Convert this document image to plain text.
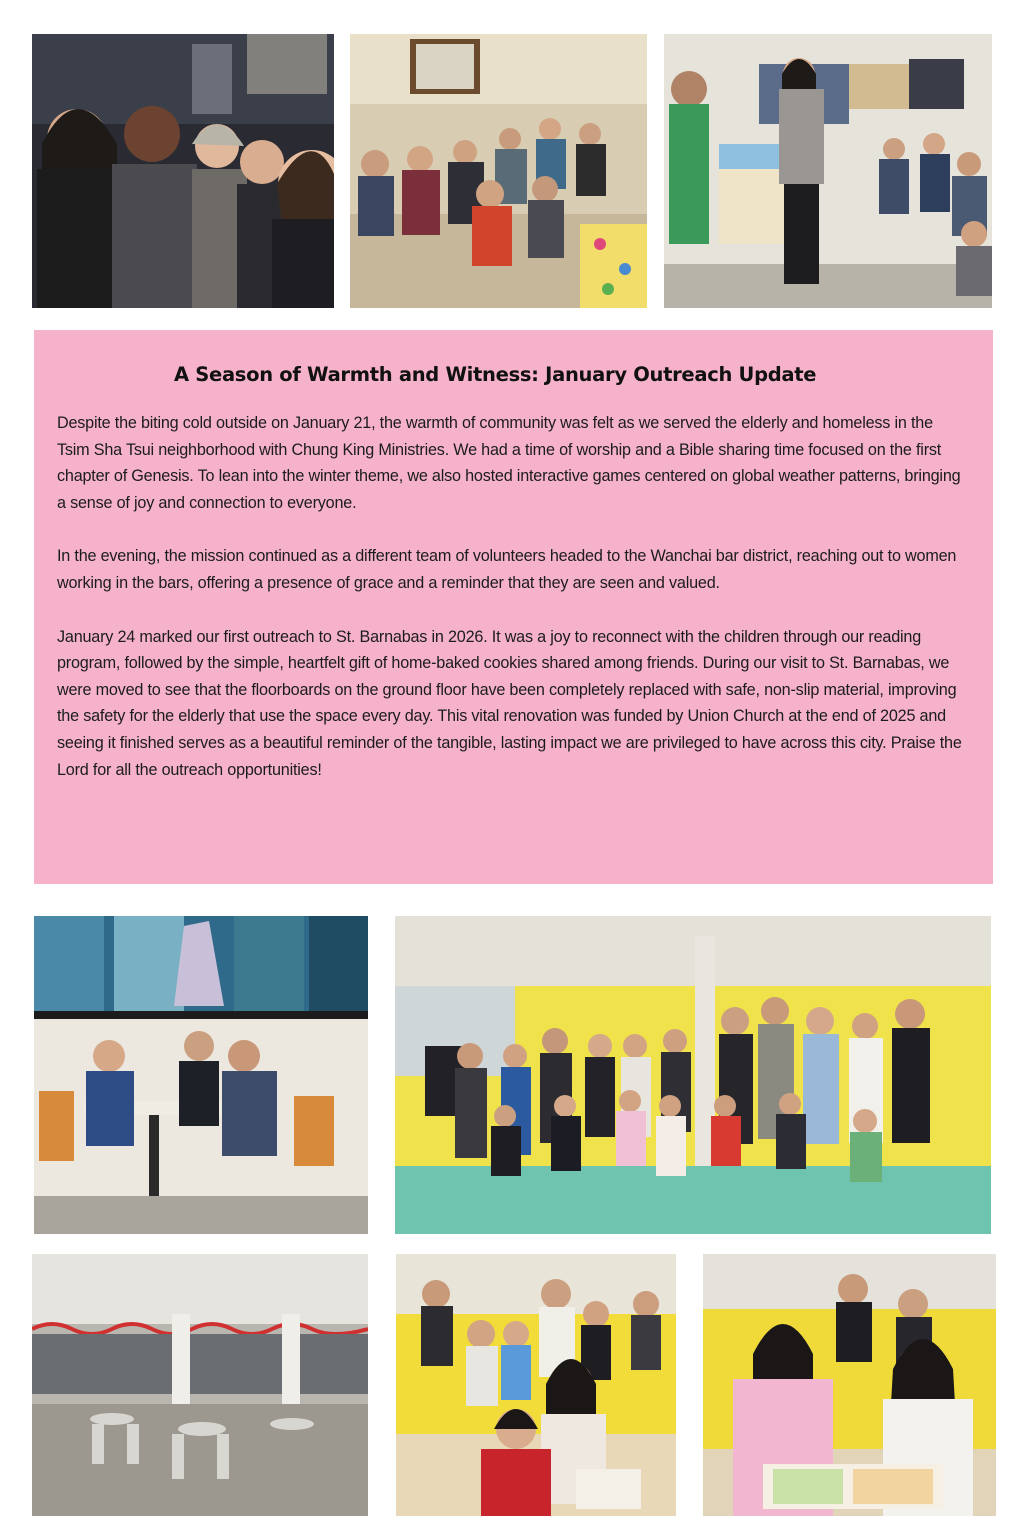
A Season of Warmth and Witness: January Outreach Update

Despite the biting cold outside on January 21, the warmth of community was felt as we served the elderly and homeless in the Tsim Sha Tsui neighborhood with Chung King Ministries. We had a time of worship and a Bible sharing time focused on the first chapter of Genesis. To lean into the winter theme, we also hosted interactive games centered on global weather patterns, bringing a sense of joy and connection to everyone.

In the evening, the mission continued as a different team of volunteers headed to the Wanchai bar district, reaching out to women working in the bars, offering a presence of grace and a reminder that they are seen and valued.

January 24 marked our first outreach to St. Barnabas in 2026. It was a joy to reconnect with the children through our reading program, followed by the simple, heartfelt gift of home-baked cookies shared among friends. During our visit to St. Barnabas, we were moved to see that the floorboards on the ground floor have been completely replaced with safe, non-slip material, improving the safety for the elderly that use the space every day. This vital renovation was funded by Union Church at the end of 2025 and seeing it finished serves as a beautiful reminder of the tangible, lasting impact we are privileged to have across this city. Praise the Lord for all the outreach opportunities!
